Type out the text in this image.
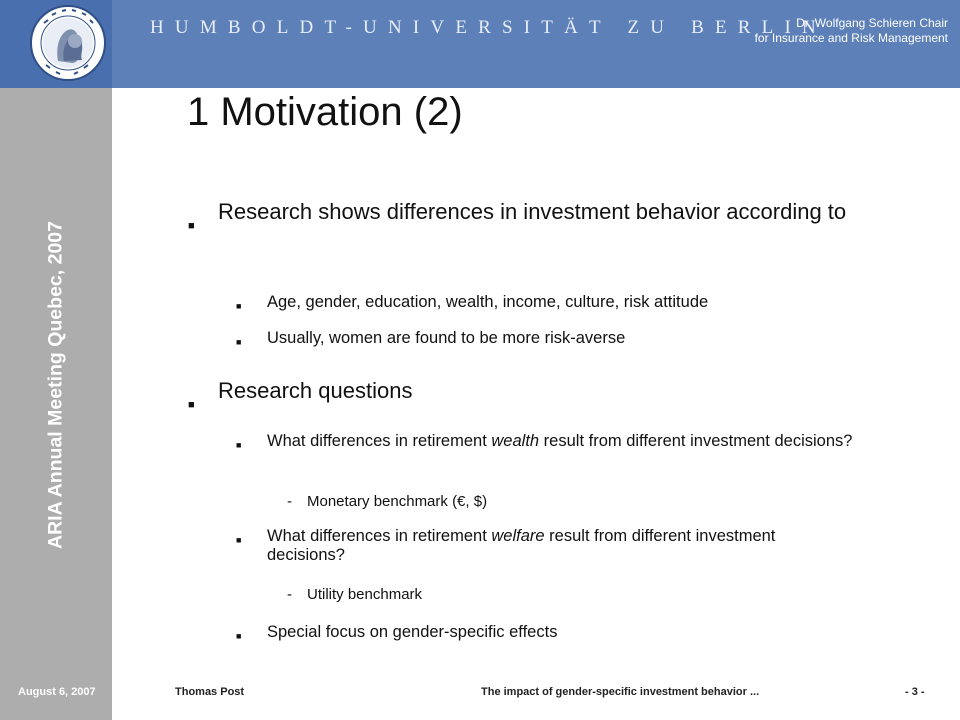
HUMBOLDT-UNIVERSITÄT ZU BERLIN
Dr. Wolfgang Schieren Chair
for Insurance and Risk Management
ARIA Annual Meeting Quebec, 2007
1 Motivation (2)
■
Research shows differences in investment behavior according to
■	Age, gender, education, wealth, income, culture, risk attitude
■	Usually, women are found to be more risk-averse
■
Research questions
■	What differences in retirement wealth result from different investment decisions?
-	Monetary benchmark (€, $)
■	What differences in retirement welfare result from different investment decisions?
-	Utility benchmark
■	Special focus on gender-specific effects
August 6, 2007	Thomas Post	The impact of gender-specific investment behavior ...	- 3 -
